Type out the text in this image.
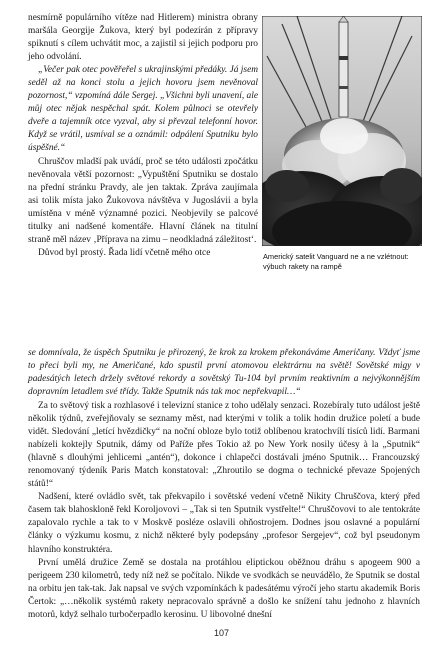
nesmírně populárního vítěze nad Hitlerem) ministra obrany maršála Georgije Žukova, který byl podezírán z přípravy spiknutí s cílem uchvátit moc, a zajistil si jejich podporu pro jeho odvolání.

„Večer pak otec pověřeřel s ukrajinskými předáky. Já jsem seděl až na konci stolu a jejich hovoru jsem nevěnoval pozornost,“ vzpomíná dále Sergej. „Všichni byli unavení, ale můj otec nějak nespěchal spát. Kolem půlnoci se otevřely dveře a tajemník otce vyzval, aby si převzal telefonní hovor. Když se vrátil, usmíval se a oznámil: odpálení Sputniku bylo úspěšné.“

Chruščov mladší pak uvádí, proč se této události zpočátku nevěnovala větší pozornost: „Vypuštění Sputniku se dostalo na přední stránku Pravdy, ale jen taktak. Zpráva zaujímala asi tolik místa jako Žukovova návštěva v Jugoslávii a byla umístěna v méně významné pozici. Neobjevily se palcové titulky ani nadšené komentáře. Hlavní článek na titulní straně měl název ‚Příprava na zimu – neodkladná záležitost‘.

Důvod byl prostý. Řada lidí včetně mého otce

se domnívala, že úspěch Sputniku je přirozený, že krok za krokem překonáváme Američany. Vždyť jsme to přeci byli my, ne Američané, kdo spustil první atomovou elektrárnu na světě! Sovětské migy v padesátých letech držely světové rekordy a sovětský Tu-104 byl prvním reaktivním a nejvýkonnějším dopravním letadlem své třídy. Takže Sputnik nás tak moc nepřekvapil…“

Americký satelit Vanguard ne a ne vzlétnout: výbuch rakety na rampě

Za to světový tisk a rozhlasové i televizní stanice z toho udělaly senzaci. Rozebíraly tuto událost ještě několik týdnů, zveřejňovaly se seznamy měst, nad kterými v tolik a tolik hodin družice poletí a bude vidět. Sledování „letící hvězdičky“ na noční obloze bylo totiž oblíbenou kratochvílí tisíců lidí. Barmani nabízeli koktejly Sputnik, dámy od Paříže přes Tokio až po New York nosily účesy à la „Sputnik“ (hlavně s dlouhými jehlicemi „antén“), dokonce i chlapečci dostávali jméno Sputnik… Francouzský renomovaný týdeník Paris Match konstatoval: „Zhroutilo se dogma o technické převaze Spojených států!“

Nadšení, které ovládlo svět, tak překvapilo i sovětské vedení včetně Nikity Chruščova, který před časem tak blahoskloně řekl Koroljovovi – „Tak si ten Sputnik vystřelte!“ Chruščovovi to ale tentokráte zapalovalo rychle a tak to v Moskvě posléze oslavili ohňostrojem. Dodnes jsou oslavné a populární články o výzkumu kosmu, z nichž některé byly podepsány „profesor Sergejev“, což byl pseudonym hlavního konstruktéra.

První umělá družice Země se dostala na protáhlou eliptickou oběžnou dráhu s apogeem 900 a perigeem 230 kilometrů, tedy níž než se počítalo. Nikde ve svodkách se neuvádělo, že Sputnik se dostal na orbitu jen tak-tak. Jak napsal ve svých vzpomínkách k padesátému výročí jeho startu akademik Boris Čertok: „…několik systémů rakety nepracovalo správně a došlo ke snížení tahu jednoho z hlavních motorů, když selhalo turbočerpadlo kerosinu. U libovolné dnešní

107
